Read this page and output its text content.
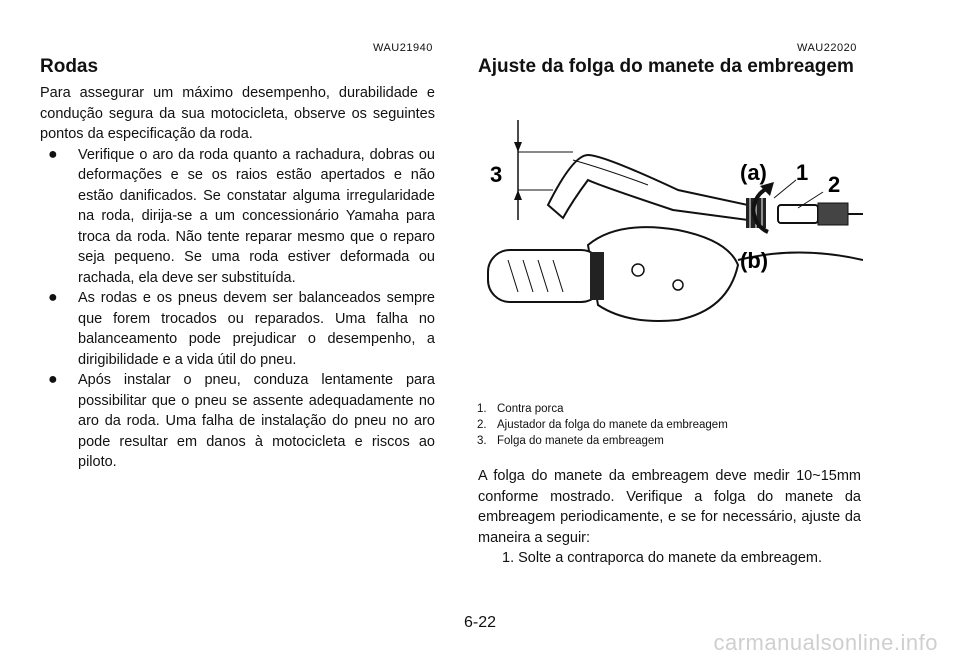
WAU21940
Rodas

Para assegurar um máximo desempenho, durabilidade e condução segura da sua motocicleta, observe os seguintes pontos da especificação da roda.

● Verifique o aro da roda quanto a rachadura, dobras ou deformações e se os raios estão apertados e não estão danificados. Se constatar alguma irregularidade na roda, dirija-se a um concessionário Yamaha para troca da roda. Não tente reparar mesmo que o reparo seja pequeno. Se uma roda estiver deformada ou rachada, ela deve ser substituída.
● As rodas e os pneus devem ser balanceados sempre que forem trocados ou reparados. Uma falha no balanceamento pode prejudicar o desempenho, a dirigibilidade e a vida útil do pneu.
● Após instalar o pneu, conduza lentamente para possibilitar que o pneu se assente adequadamente no aro da roda. Uma falha de instalação do pneu no aro pode resultar em danos à motocicleta e riscos ao piloto.
WAU22020
Ajuste da folga do manete da embreagem
3	(a) 1 2
(b)
1. Contra porca
2. Ajustador da folga do manete da embreagem
3. Folga do manete da embreagem

A folga do manete da embreagem deve medir 10~15mm conforme mostrado. Verifique a folga do manete da embreagem periodicamente, e se for necessário, ajuste da maneira a seguir:

1. Solte a contraporca do manete da embreagem.
6-22
carmanualsonline.info
